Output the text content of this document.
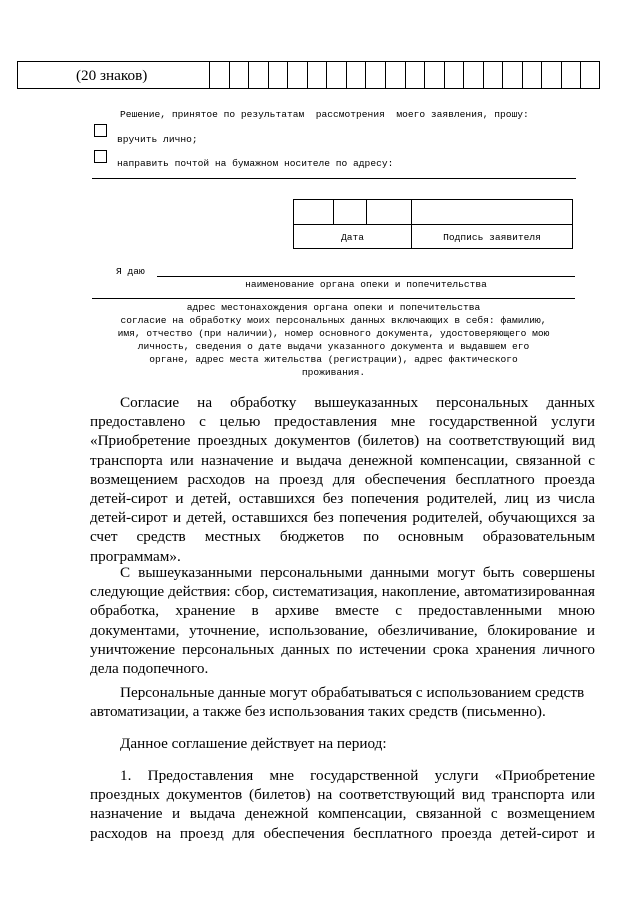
(20 знаков)
Решение, принятое по результатам  рассмотрения  моего заявления, прошу:
вручить лично;
направить почтой на бумажном носителе по адресу:
Дата	Подпись заявителя
Я даю
наименование органа опеки и попечительства
адрес местонахождения органа опеки и попечительства
согласие на обработку моих персональных данных включающих в себя: фамилию,
имя, отчество (при наличии), номер основного документа, удостоверяющего мою
личность, сведения о дате выдачи указанного документа и выдавшем его
органе, адрес места жительства (регистрации), адрес фактического
проживания.
Согласие на обработку вышеуказанных персональных данных
предоставлено с целью предоставления мне государственной услуги
«Приобретение проездных документов (билетов) на соответствующий вид
транспорта или назначение и выдача денежной компенсации, связанной с
возмещением расходов на проезд для обеспечения бесплатного проезда
детей-сирот и детей, оставшихся без попечения родителей, лиц из числа
детей-сирот и детей, оставшихся без попечения родителей, обучающихся за
счет средств местных бюджетов по основным образовательным
программам».
С вышеуказанными персональными данными могут быть совершены
следующие действия: сбор, систематизация, накопление, автоматизированная
обработка, хранение в архиве вместе с предоставленными мною
документами, уточнение, использование, обезличивание, блокирование и
уничтожение персональных данных по истечении срока хранения личного
дела подопечного.
Персональные данные могут обрабатываться с использованием средств
автоматизации, а также без использования таких средств (письменно).
Данное соглашение действует на период:
1. Предоставления мне государственной услуги «Приобретение
проездных документов (билетов) на соответствующий вид транспорта или
назначение и выдача денежной компенсации, связанной с возмещением
расходов на проезд для обеспечения бесплатного проезда детей-сирот и
